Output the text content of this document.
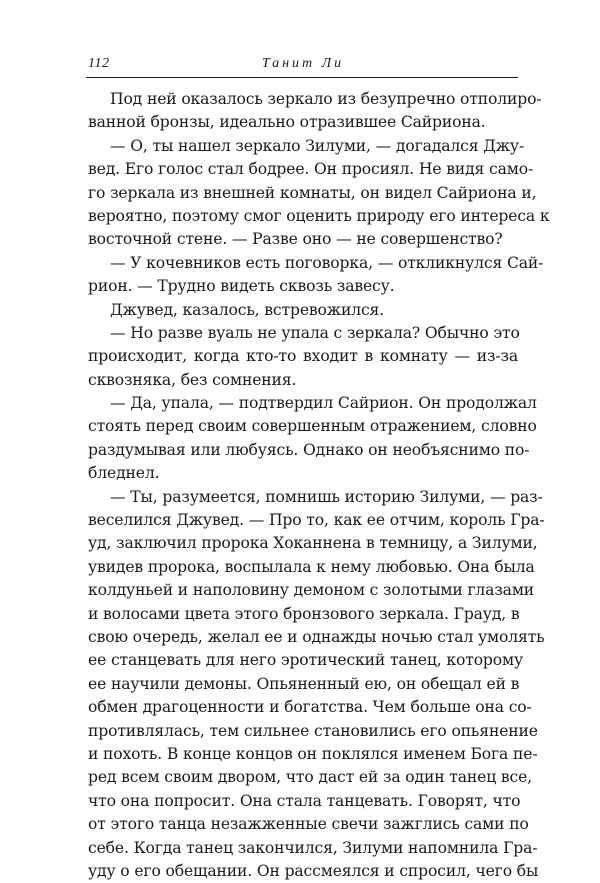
112	Танит Ли
Под ней оказалось зеркало из безупречно отполиро-
ванной бронзы, идеально отразившее Сайриона.
— О, ты нашел зеркало Зилуми, — догадался Джу-
вед. Его голос стал бодрее. Он просиял. Не видя само-
го зеркала из внешней комнаты, он видел Сайриона и,
вероятно, поэтому смог оценить природу его интереса к
восточной стене. — Разве оно — не совершенство?
— У кочевников есть поговорка, — откликнулся Сай-
рион. — Трудно видеть сквозь завесу.
Джувед, казалось, встревожился.
— Но разве вуаль не упала с зеркала? Обычно это
происходит, когда кто-то входит в комнату — из-за
сквозняка, без сомнения.
— Да, упала, — подтвердил Сайрион. Он продолжал
стоять перед своим совершенным отражением, словно
раздумывая или любуясь. Однако он необъяснимо по-
бледнел.
— Ты, разумеется, помнишь историю Зилуми, — раз-
веселился Джувед. — Про то, как ее отчим, король Гра-
уд, заключил пророка Хоканнена в темницу, а Зилуми,
увидев пророка, воспылала к нему любовью. Она была
колдуньей и наполовину демоном с золотыми глазами
и волосами цвета этого бронзового зеркала. Грауд, в
свою очередь, желал ее и однажды ночью стал умолять
ее станцевать для него эротический танец, которому
ее научили демоны. Опьяненный ею, он обещал ей в
обмен драгоценности и богатства. Чем больше она со-
противлялась, тем сильнее становились его опьянение
и похоть. В конце концов он поклялся именем Бога пе-
ред всем своим двором, что даст ей за один танец все,
что она попросит. Она стала танцевать. Говорят, что
от этого танца незажженные свечи зажглись сами по
себе. Когда танец закончился, Зилуми напомнила Гра-
уду о его обещании. Он рассмеялся и спросил, чего бы
